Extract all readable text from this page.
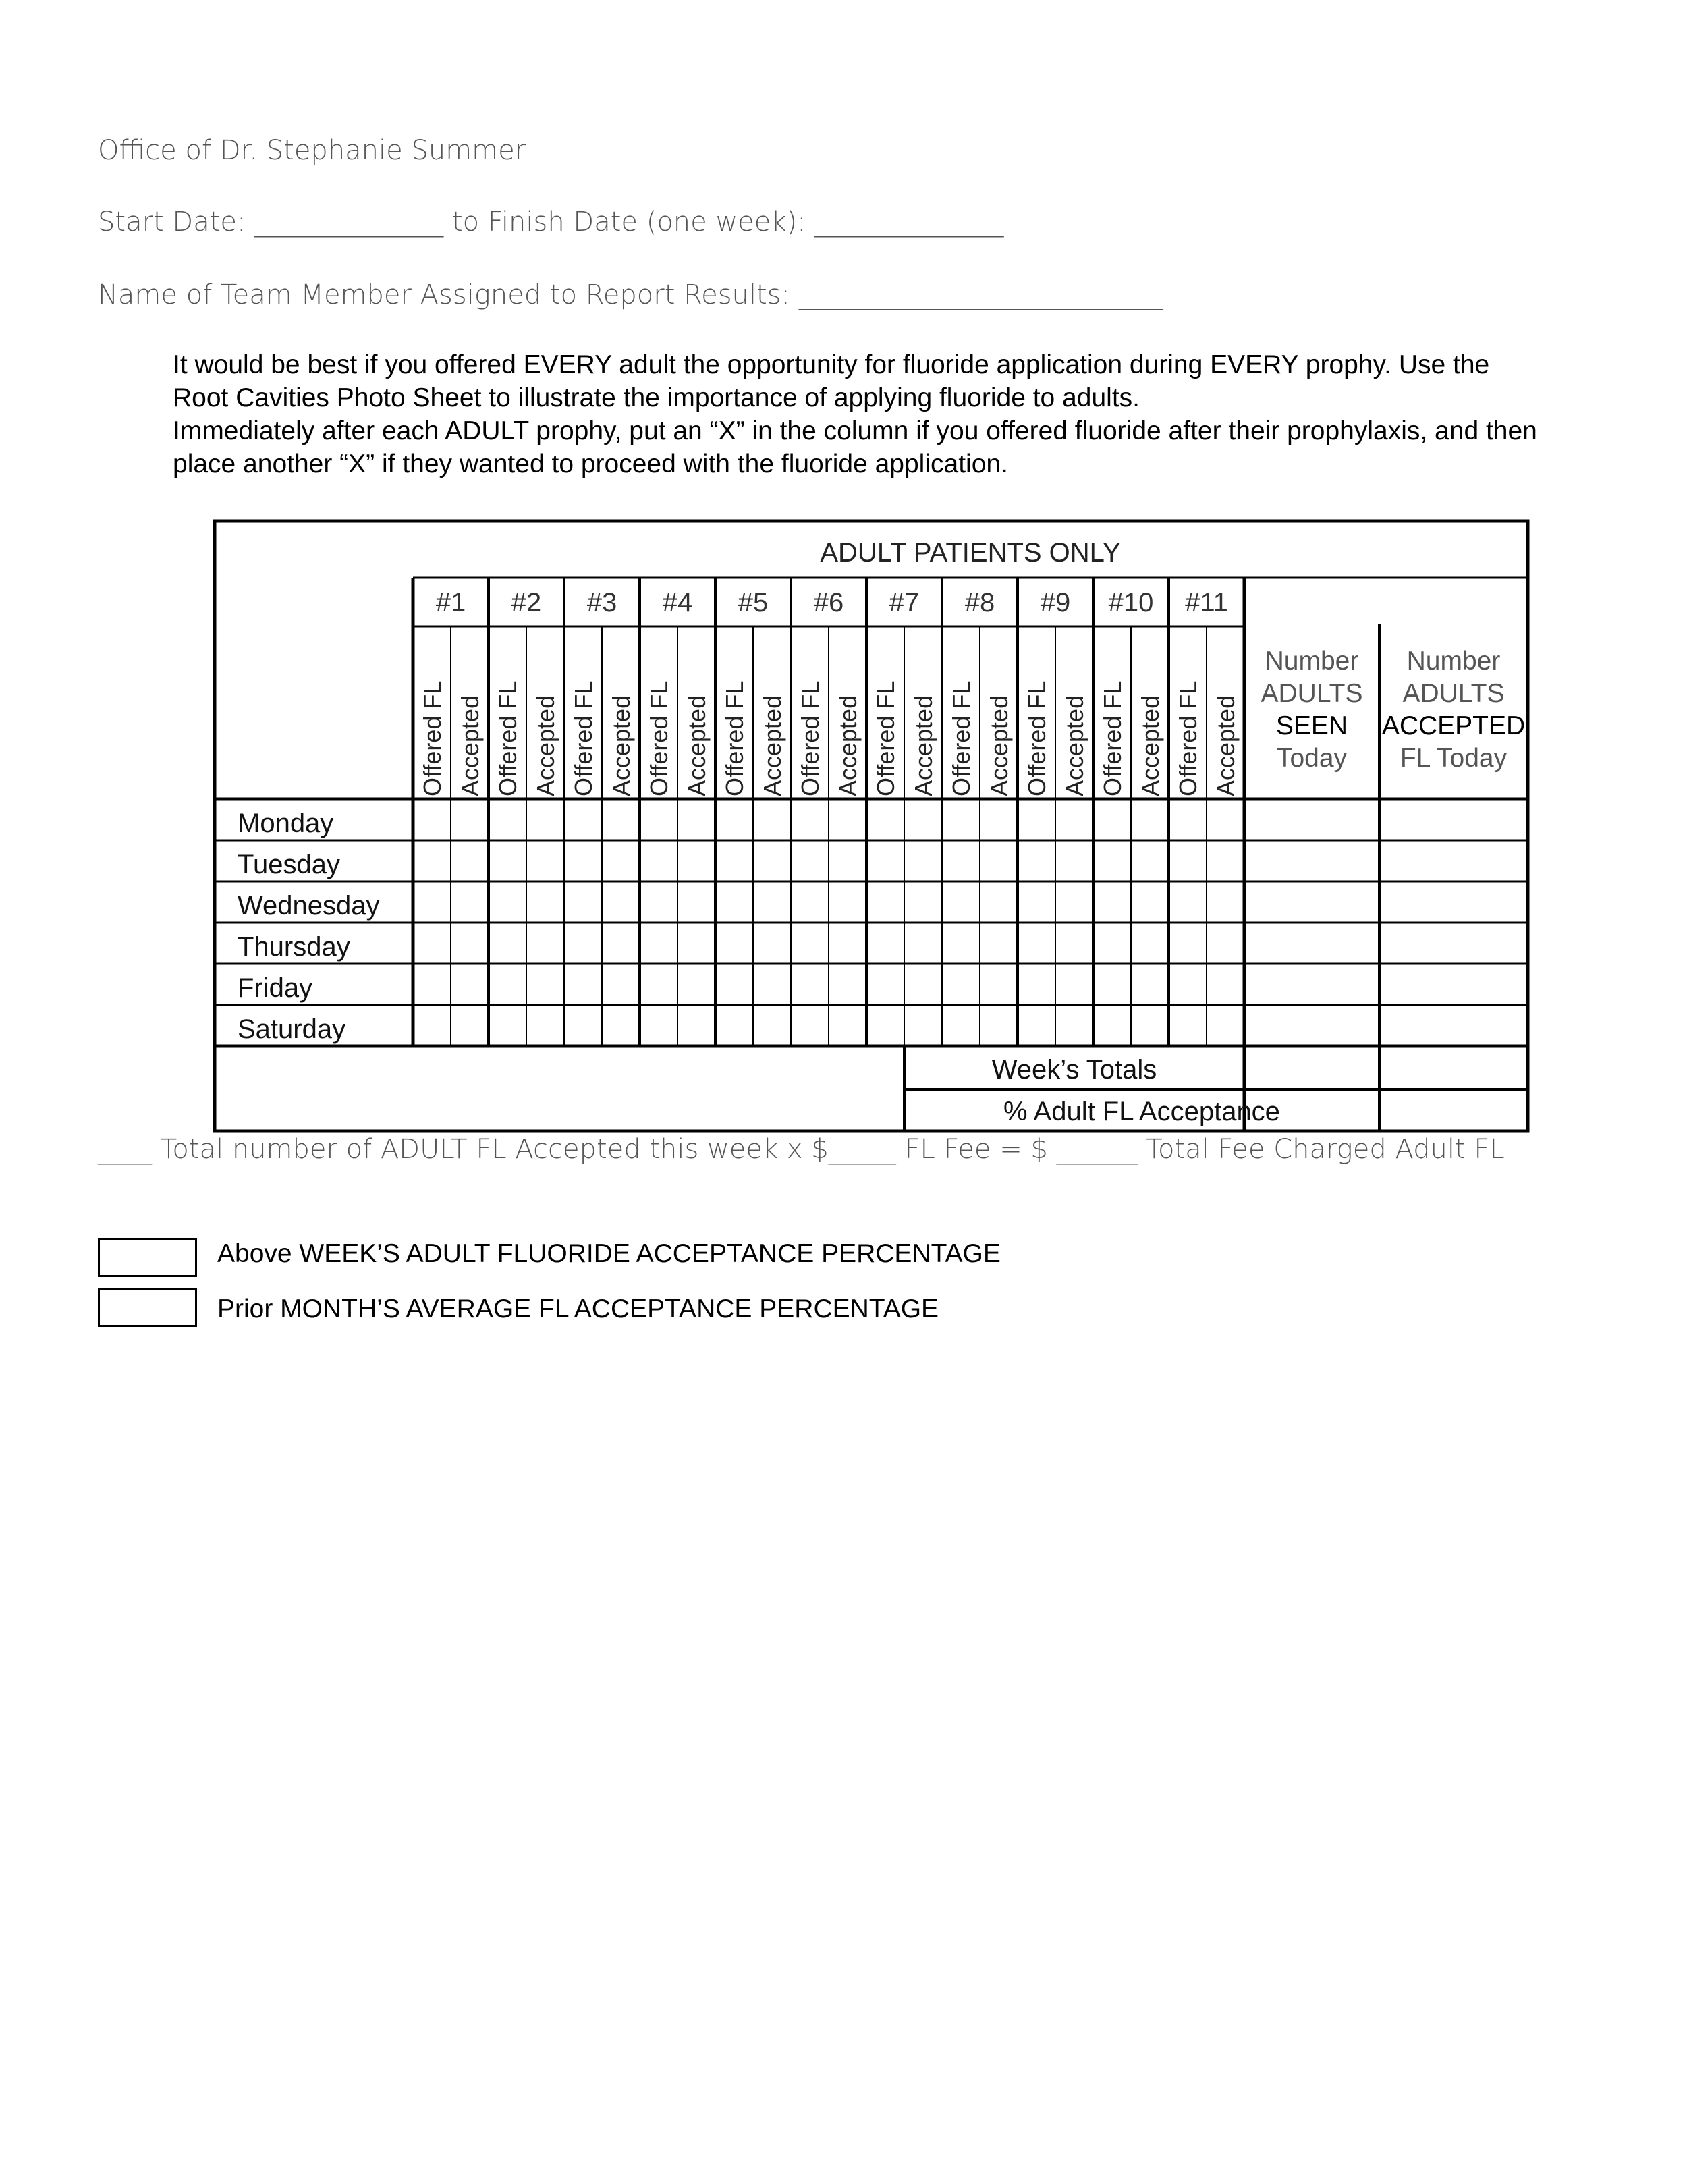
Office of Dr. Stephanie Summer
Start Date: ______________ to Finish Date (one week): ______________
Name of Team Member Assigned to Report Results: ___________________________

It would be best if you offered EVERY adult the opportunity for fluoride application during EVERY prophy. Use the Root Cavities Photo Sheet to illustrate the importance of applying fluoride to adults.

Immediately after each ADULT prophy, put an “X” in the column if you offered fluoride after their prophylaxis, and then place another “X” if they wanted to proceed with the fluoride application.

ADULT PATIENTS ONLY
#1
Offered FL Accepted
#2
Offered FL Accepted
#3
Offered FL Accepted
#4
Offered FL Accepted
#5
Offered FL Accepted
#6
Offered FL Accepted
#7
Offered FL Accepted
#8
Offered FL Accepted
#9
Offered FL Accepted
#10
Offered FL Accepted
#11
Offered FL Accepted
Number Number
ADULTS ADULTS
SEEN ACCEPTED
Today FL Today
Monday
Tuesday
Wednesday
Thursday
Friday
Saturday
Week’s Totals
% Adult FL Acceptance
____ Total number of ADULT FL Accepted this week x $_____ FL Fee = $ ______ Total Fee Charged Adult FL
Above WEEK’S ADULT FLUORIDE ACCEPTANCE PERCENTAGE
Prior MONTH’S AVERAGE FL ACCEPTANCE PERCENTAGE
